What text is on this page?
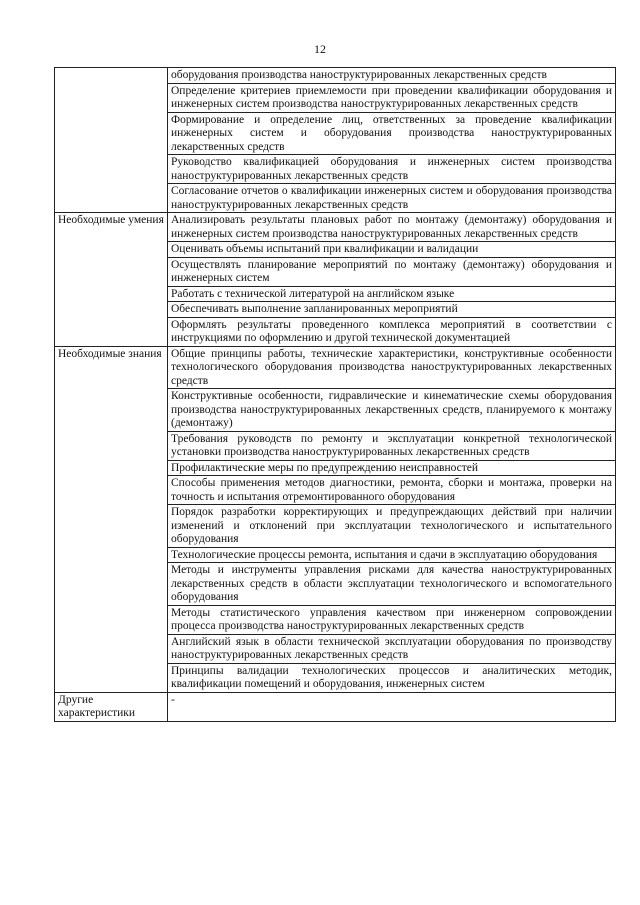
12
	оборудования производства наноструктурированных лекарственных средств
	Определение критериев приемлемости при проведении квалификации оборудования и инженерных систем производства наноструктурированных лекарственных средств
	Формирование и определение лиц, ответственных за проведение квалификации инженерных систем и оборудования производства наноструктурированных лекарственных средств
	Руководство квалификацией оборудования и инженерных систем производства наноструктурированных лекарственных средств
	Согласование отчетов о квалификации инженерных систем и оборудования производства наноструктурированных лекарственных средств
Необходимые умения	Анализировать результаты плановых работ по монтажу (демонтажу) оборудования и инженерных систем производства наноструктурированных лекарственных средств
	Оценивать объемы испытаний при квалификации и валидации
	Осуществлять планирование мероприятий по монтажу (демонтажу) оборудования и инженерных систем
	Работать с технической литературой на английском языке
	Обеспечивать выполнение запланированных мероприятий
	Оформлять результаты проведенного комплекса мероприятий в соответствии с инструкциями по оформлению и другой технической документацией
Необходимые знания	Общие принципы работы, технические характеристики, конструктивные особенности технологического оборудования производства наноструктурированных лекарственных средств
	Конструктивные особенности, гидравлические и кинематические схемы оборудования производства наноструктурированных лекарственных средств, планируемого к монтажу (демонтажу)
	Требования руководств по ремонту и эксплуатации конкретной технологической установки производства наноструктурированных лекарственных средств
	Профилактические меры по предупреждению неисправностей
	Способы применения методов диагностики, ремонта, сборки и монтажа, проверки на точность и испытания отремонтированного оборудования
	Порядок разработки корректирующих и предупреждающих действий при наличии изменений и отклонений при эксплуатации технологического и испытательного оборудования
	Технологические процессы ремонта, испытания и сдачи в эксплуатацию оборудования
	Методы и инструменты управления рисками для качества наноструктурированных лекарственных средств в области эксплуатации технологического и вспомогательного оборудования
	Методы статистического управления качеством при инженерном сопровождении процесса производства наноструктурированных лекарственных средств
	Английский язык в области технической эксплуатации оборудования по производству наноструктурированных лекарственных средств
	Принципы валидации технологических процессов и аналитических методик, квалификации помещений и оборудования, инженерных систем
Другие характеристики	-
